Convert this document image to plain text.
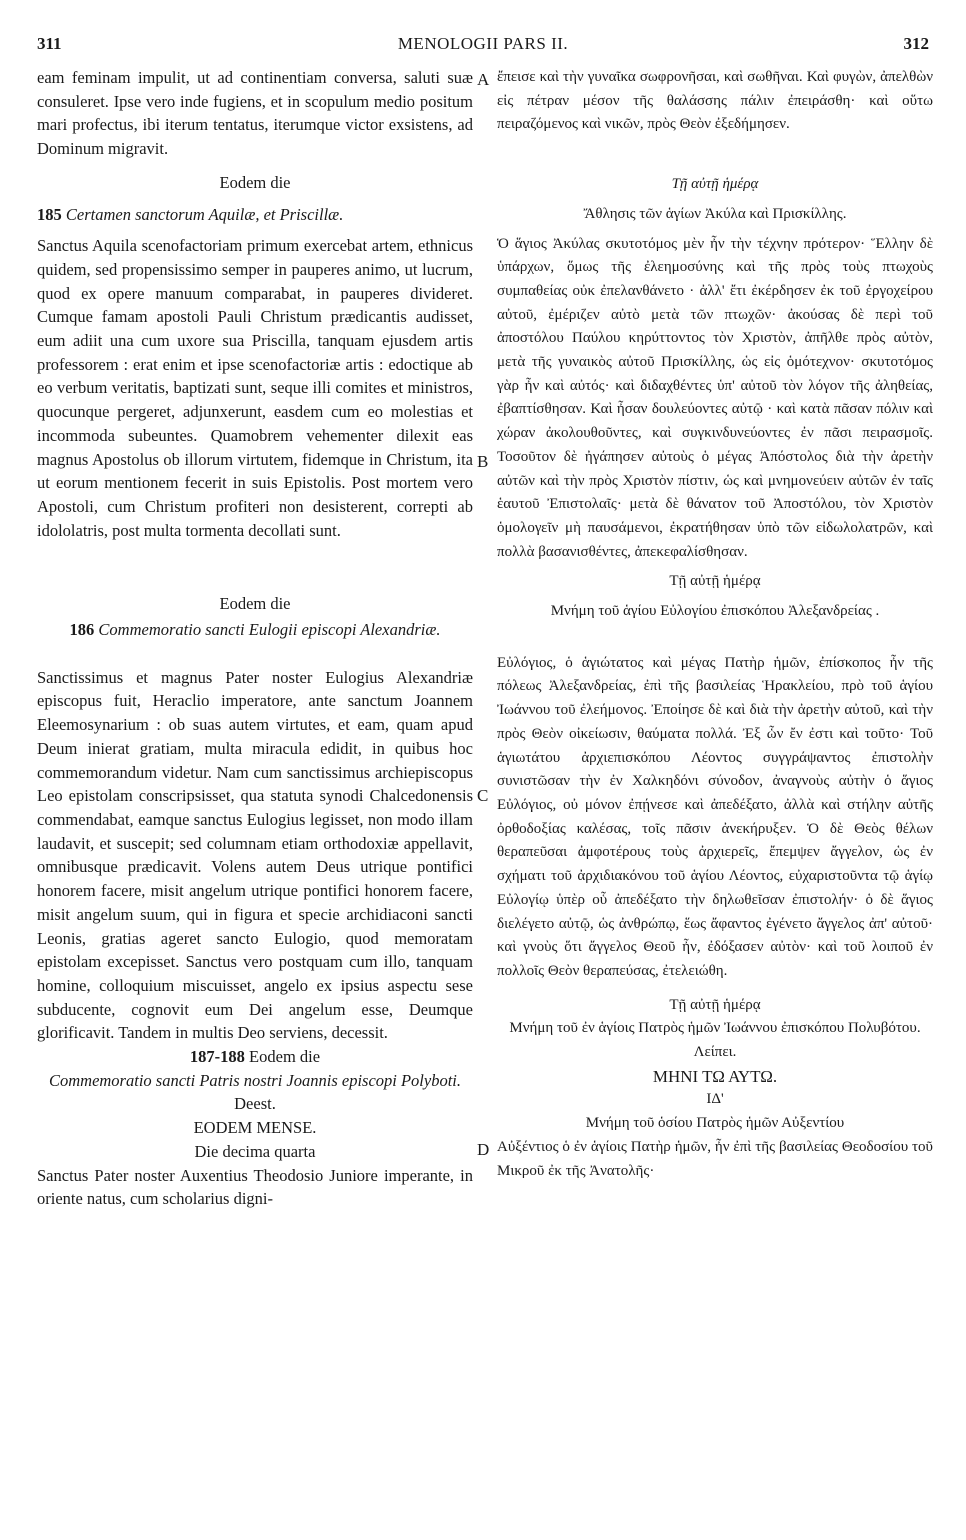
311	MENOLOGII PARS II.	312
A
B
C
D

eam feminam impulit, ut ad continentiam conversa, saluti suæ consuleret. Ipse vero inde fugiens, et in scopulum medio positum mari profectus, ibi iterum tentatus, iterumque victor exsistens, ad Dominum migravit.

Eodem die

185 Certamen sanctorum Aquilæ, et Priscillæ.

Sanctus Aquila scenofactoriam primum exercebat artem, ethnicus quidem, sed propensissimo semper in pauperes animo, ut lucrum, quod ex opere manuum comparabat, in pauperes divideret. Cumque famam apostoli Pauli Christum prædicantis audisset, eum adiit una cum uxore sua Priscilla, tanquam ejusdem artis professorem : erat enim et ipse scenofactoriæ artis : edoctique ab eo verbum veritatis, baptizati sunt, seque illi comites et ministros, quocunque pergeret, adjunxerunt, easdem cum eo molestias et incommoda subeuntes. Quamobrem vehementer dilexit eas magnus Apostolus ob illorum virtutem, fidemque in Christum, ita ut eorum mentionem fecerit in suis Epistolis. Post mortem vero Apostoli, cum Christum profiteri non desisterent, correpti ab idololatris, post multa tormenta decollati sunt.

Eodem die

186 Commemoratio sancti Eulogii episcopi Alexandriæ.

Sanctissimus et magnus Pater noster Eulogius Alexandriæ episcopus fuit, Heraclio imperatore, ante sanctum Joannem Eleemosynarium : ob suas autem virtutes, et eam, quam apud Deum inierat gratiam, multa miracula edidit, in quibus hoc commemorandum videtur. Nam cum sanctissimus archiepiscopus Leo epistolam conscripsisset, qua statuta synodi Chalcedonensis commendabat, eamque sanctus Eulogius legisset, non modo illam laudavit, et suscepit; sed columnam etiam orthodoxiæ appellavit, omnibusque prædicavit. Volens autem Deus utrique pontifici honorem facere, misit angelum utrique pontifici honorem facere, misit angelum suum, qui in figura et specie archidiaconi sancti Leonis, gratias ageret sancto Eulogio, quod memoratam epistolam excepisset. Sanctus vero postquam cum illo, tanquam homine, colloquium miscuisset, angelo ex ipsius aspectu sese subducente, cognovit eum Dei angelum esse, Deumque glorificavit. Tandem in multis Deo serviens, decessit.

187-188 Eodem die

Commemoratio sancti Patris nostri Joannis episcopi Polyboti.

Deest.

EODEM MENSE.

Die decima quarta

Sanctus Pater noster Auxentius Theodosio Juniore imperante, in oriente natus, cum scholarius digni-

ἔπεισε καὶ τὴν γυναῖκα σωφρονῆσαι, καὶ σωθῆναι. Καὶ φυγὼν, ἀπελθὼν εἰς πέτραν μέσον τῆς θαλάσσης πάλιν ἐπειράσθη· καὶ οὕτω πειραζόμενος καὶ νικῶν, πρὸς Θεὸν ἐξεδήμησεν.

Τῇ αὐτῇ ἡμέρᾳ

Ἄθλησις τῶν ἁγίων Ἀκύλα καὶ Πρισκίλλης.

Ὁ ἅγιος Ἀκύλας σκυτοτόμος μὲν ἦν τὴν τέχνην πρότερον· Ἕλλην δὲ ὑπάρχων, ὅμως τῆς ἐλεημοσύνης καὶ τῆς πρὸς τοὺς πτωχοὺς συμπαθείας οὐκ ἐπελανθάνετο · ἀλλ' ἔτι ἐκέρδησεν ἐκ τοῦ ἐργοχείρου αὐτοῦ, ἐμέριζεν αὐτὸ μετὰ τῶν πτωχῶν· ἀκούσας δὲ περὶ τοῦ ἀποστόλου Παύλου κηρύττοντος τὸν Χριστὸν, ἀπῆλθε πρὸς αὐτὸν, μετὰ τῆς γυναικὸς αὐτοῦ Πρισκίλλης, ὡς εἰς ὁμότεχνον· σκυτοτόμος γὰρ ἦν καὶ αὐτός· καὶ διδαχθέντες ὑπ' αὐτοῦ τὸν λόγον τῆς ἀληθείας, ἐβαπτίσθησαν. Καὶ ἦσαν δουλεύοντες αὐτῷ · καὶ κατὰ πᾶσαν πόλιν καὶ χώραν ἀκολουθοῦντες, καὶ συγκινδυνεύοντες ἐν πᾶσι πειρασμοῖς. Τοσοῦτον δὲ ἠγάπησεν αὐτοὺς ὁ μέγας Ἀπόστολος διὰ τὴν ἀρετὴν αὐτῶν καὶ τὴν πρὸς Χριστὸν πίστιν, ὡς καὶ μνημονεύειν αὐτῶν ἐν ταῖς ἑαυτοῦ Ἐπιστολαῖς· μετὰ δὲ θάνατον τοῦ Ἀποστόλου, τὸν Χριστὸν ὁμολογεῖν μὴ παυσάμενοι, ἐκρατήθησαν ὑπὸ τῶν εἰδωλολατρῶν, καὶ πολλὰ βασανισθέντες, ἀπεκεφαλίσθησαν.

Τῇ αὐτῇ ἡμέρᾳ

Μνήμη τοῦ ἁγίου Εὐλογίου ἐπισκόπου Ἀλεξανδρείας .

Εὐλόγιος, ὁ ἁγιώτατος καὶ μέγας Πατὴρ ἡμῶν, ἐπίσκοπος ἦν τῆς πόλεως Ἀλεξανδρείας, ἐπὶ τῆς βασιλείας Ἡρακλείου, πρὸ τοῦ ἁγίου Ἰωάννου τοῦ ἐλεήμονος. Ἐποίησε δὲ καὶ διὰ τὴν ἀρετὴν αὐτοῦ, καὶ τὴν πρὸς Θεὸν οἰκείωσιν, θαύματα πολλά. Ἐξ ὧν ἔν ἐστι καὶ τοῦτο· Τοῦ ἁγιωτάτου ἀρχιεπισκόπου Λέοντος συγγράψαντος ἐπιστολὴν συνιστῶσαν τὴν ἐν Χαλκηδόνι σύνοδον, ἀναγνοὺς αὐτὴν ὁ ἅγιος Εὐλόγιος, οὐ μόνον ἐπῄνεσε καὶ ἀπεδέξατο, ἀλλὰ καὶ στήλην αὐτῆς ὀρθοδοξίας καλέσας, τοῖς πᾶσιν ἀνεκήρυξεν. Ὁ δὲ Θεὸς θέλων θεραπεῦσαι ἀμφοτέρους τοὺς ἀρχιερεῖς, ἔπεμψεν ἄγγελον, ὡς ἐν σχήματι τοῦ ἀρχιδιακόνου τοῦ ἁγίου Λέοντος, εὐχαριστοῦντα τῷ ἁγίῳ Εὐλογίῳ ὑπὲρ οὗ ἀπεδέξατο τὴν δηλωθεῖσαν ἐπιστολήν· ὁ δὲ ἅγιος διελέγετο αὐτῷ, ὡς ἀνθρώπῳ, ἕως ἄφαντος ἐγένετο ἄγγελος ἀπ' αὐτοῦ· καὶ γνοὺς ὅτι ἄγγελος Θεοῦ ἦν, ἐδόξασεν αὐτὸν· καὶ τοῦ λοιποῦ ἐν πολλοῖς Θεὸν θεραπεύσας, ἐτελειώθη.

Τῇ αὐτῇ ἡμέρᾳ

Μνήμη τοῦ ἐν ἁγίοις Πατρὸς ἡμῶν Ἰωάννου ἐπισκόπου Πολυβότου.

Λείπει.

ΜΗΝΙ ΤΩ ΑΥΤΩ.

ΙΔ'

Μνήμη τοῦ ὁσίου Πατρὸς ἡμῶν Αὐξεντίου

Αὐξέντιος ὁ ἐν ἁγίοις Πατὴρ ἡμῶν, ἦν ἐπὶ τῆς βασιλείας Θεοδοσίου τοῦ Μικροῦ ἐκ τῆς Ἀνατολῆς·
